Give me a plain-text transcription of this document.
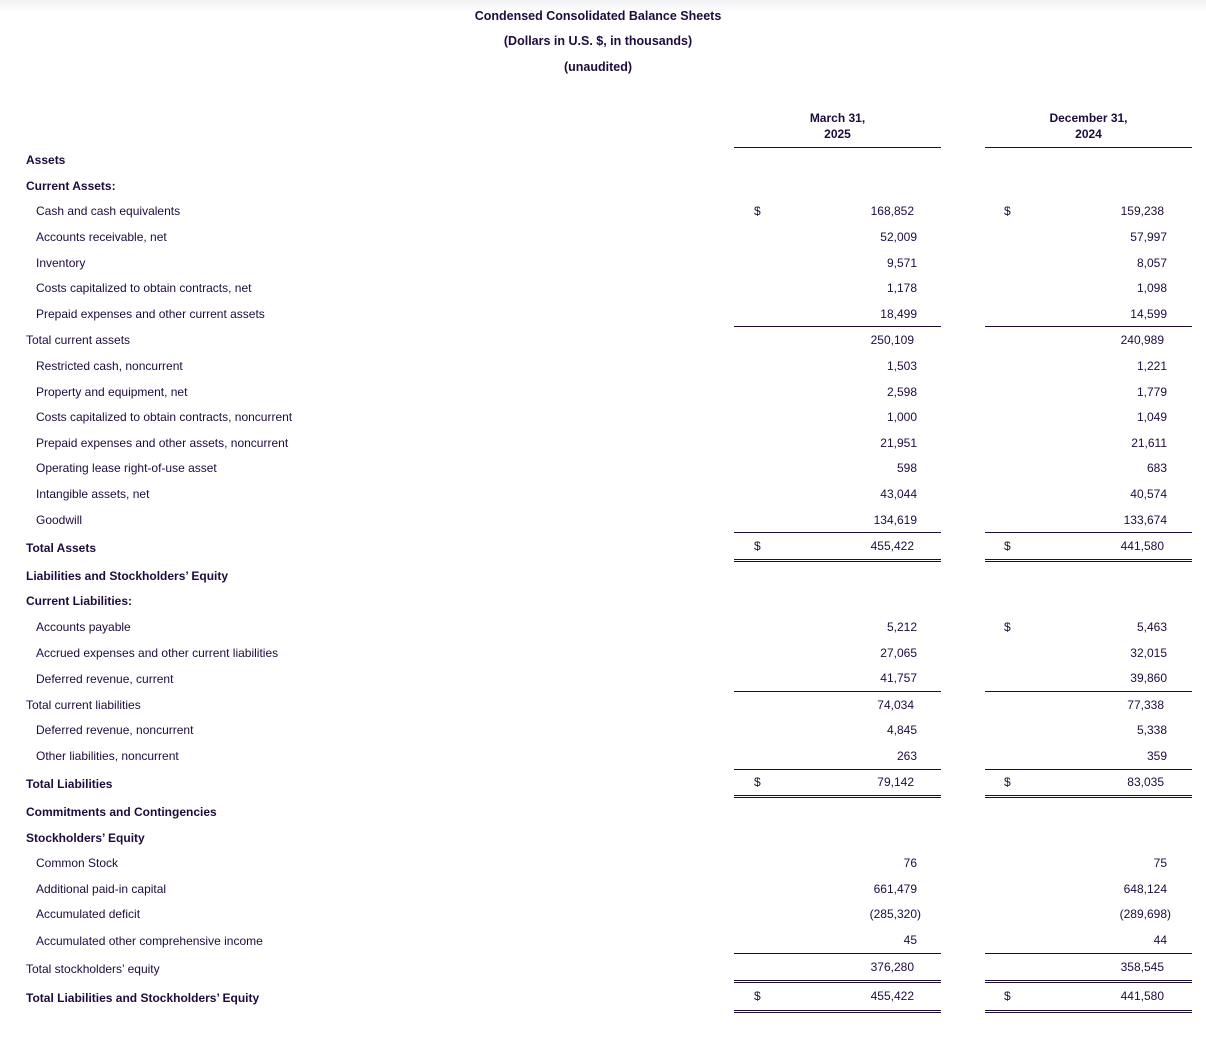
Condensed Consolidated Balance Sheets
(Dollars in U.S. $, in thousands)
(unaudited)
March 31,
2025
December 31,
2024
Assets
Current Assets:
Cash and cash equivalents	$	168,852	$	159,238
Accounts receivable, net	52,009	57,997
Inventory	9,571	8,057
Costs capitalized to obtain contracts, net	1,178	1,098
Prepaid expenses and other current assets	18,499	14,599
Total current assets	250,109	240,989
Restricted cash, noncurrent	1,503	1,221
Property and equipment, net	2,598	1,779
Costs capitalized to obtain contracts, noncurrent	1,000	1,049
Prepaid expenses and other assets, noncurrent	21,951	21,611
Operating lease right-of-use asset	598	683
Intangible assets, net	43,044	40,574
Goodwill	134,619	133,674
Total Assets	$	455,422	$	441,580
Liabilities and Stockholders’ Equity
Current Liabilities:
Accounts payable	5,212	$	5,463
Accrued expenses and other current liabilities	27,065	32,015
Deferred revenue, current	41,757	39,860
Total current liabilities	74,034	77,338
Deferred revenue, noncurrent	4,845	5,338
Other liabilities, noncurrent	263	359
Total Liabilities	$	79,142	$	83,035
Commitments and Contingencies
Stockholders’ Equity
Common Stock	76	75
Additional paid-in capital	661,479	648,124
Accumulated deficit	(285,320)	(289,698)
Accumulated other comprehensive income	45	44
Total stockholders’ equity	376,280	358,545
Total Liabilities and Stockholders’ Equity	$	455,422	$	441,580
